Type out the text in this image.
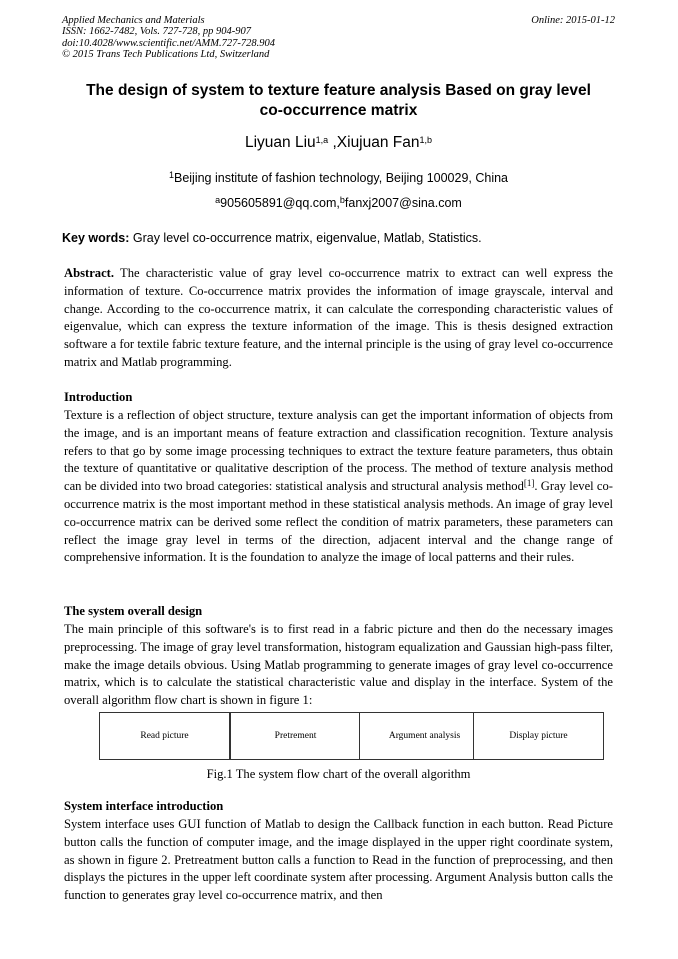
Applied Mechanics and Materials
ISSN: 1662-7482, Vols. 727-728, pp 904-907
doi:10.4028/www.scientific.net/AMM.727-728.904
© 2015 Trans Tech Publications Ltd, Switzerland
Online: 2015-01-12
The design of system to texture feature analysis Based on gray level
co-occurrence matrix
Liyuan Liu$^{1,a}$ ,Xiujuan Fan$^{1,b}$
$^1$Beijing institute of fashion technology, Beijing 100029, China
$^a$905605891@qq.com,$^b$fanxj2007@sina.com
Key words: Gray level co-occurrence matrix, eigenvalue, Matlab, Statistics.
Abstract. The characteristic value of gray level co-occurrence matrix to extract can well express the information of texture. Co-occurrence matrix provides the information of image grayscale, interval and change. According to the co-occurrence matrix, it can calculate the corresponding characteristic values of eigenvalue, which can express the texture information of the image. This is thesis designed extraction software a for textile fabric texture feature, and the internal principle is the using of gray level co-occurrence matrix and Matlab programming.
Introduction
Texture is a reflection of object structure, texture analysis can get the important information of objects from the image, and is an important means of feature extraction and classification recognition. Texture analysis refers to that go by some image processing techniques to extract the texture feature parameters, thus obtain the texture of quantitative or qualitative description of the process. The method of texture analysis method can be divided into two broad categories: statistical analysis and structural analysis method[1]. Gray level co-occurrence matrix is the most important method in these statistical analysis methods. An image of gray level co-occurrence matrix can be derived some reflect the condition of matrix parameters, these parameters can reflect the image gray level in terms of the direction, adjacent interval and the change range of comprehensive information. It is the foundation to analyze the image of local patterns and their rules.
The system overall design
The main principle of this software's is to first read in a fabric picture and then do the necessary images preprocessing. The image of gray level transformation, histogram equalization and Gaussian high-pass filter, make the image details obvious. Using Matlab programming to generate images of gray level co-occurrence matrix, which is to calculate the statistical characteristic value and display in the interface. System of the overall algorithm flow chart is shown in figure 1:
Read picture	Pretrement	Argument analysis	Display picture
Fig.1 The system flow chart of the overall algorithm
System interface introduction
System interface uses GUI function of Matlab to design the Callback function in each button. Read Picture button calls the function of computer image, and the image displayed in the upper right coordinate system, as shown in figure 2. Pretreatment button calls a function to Read in the function of preprocessing, and then displays the pictures in the upper left coordinate system after processing. Argument Analysis button calls the function to generates gray level co-occurrence matrix, and then
